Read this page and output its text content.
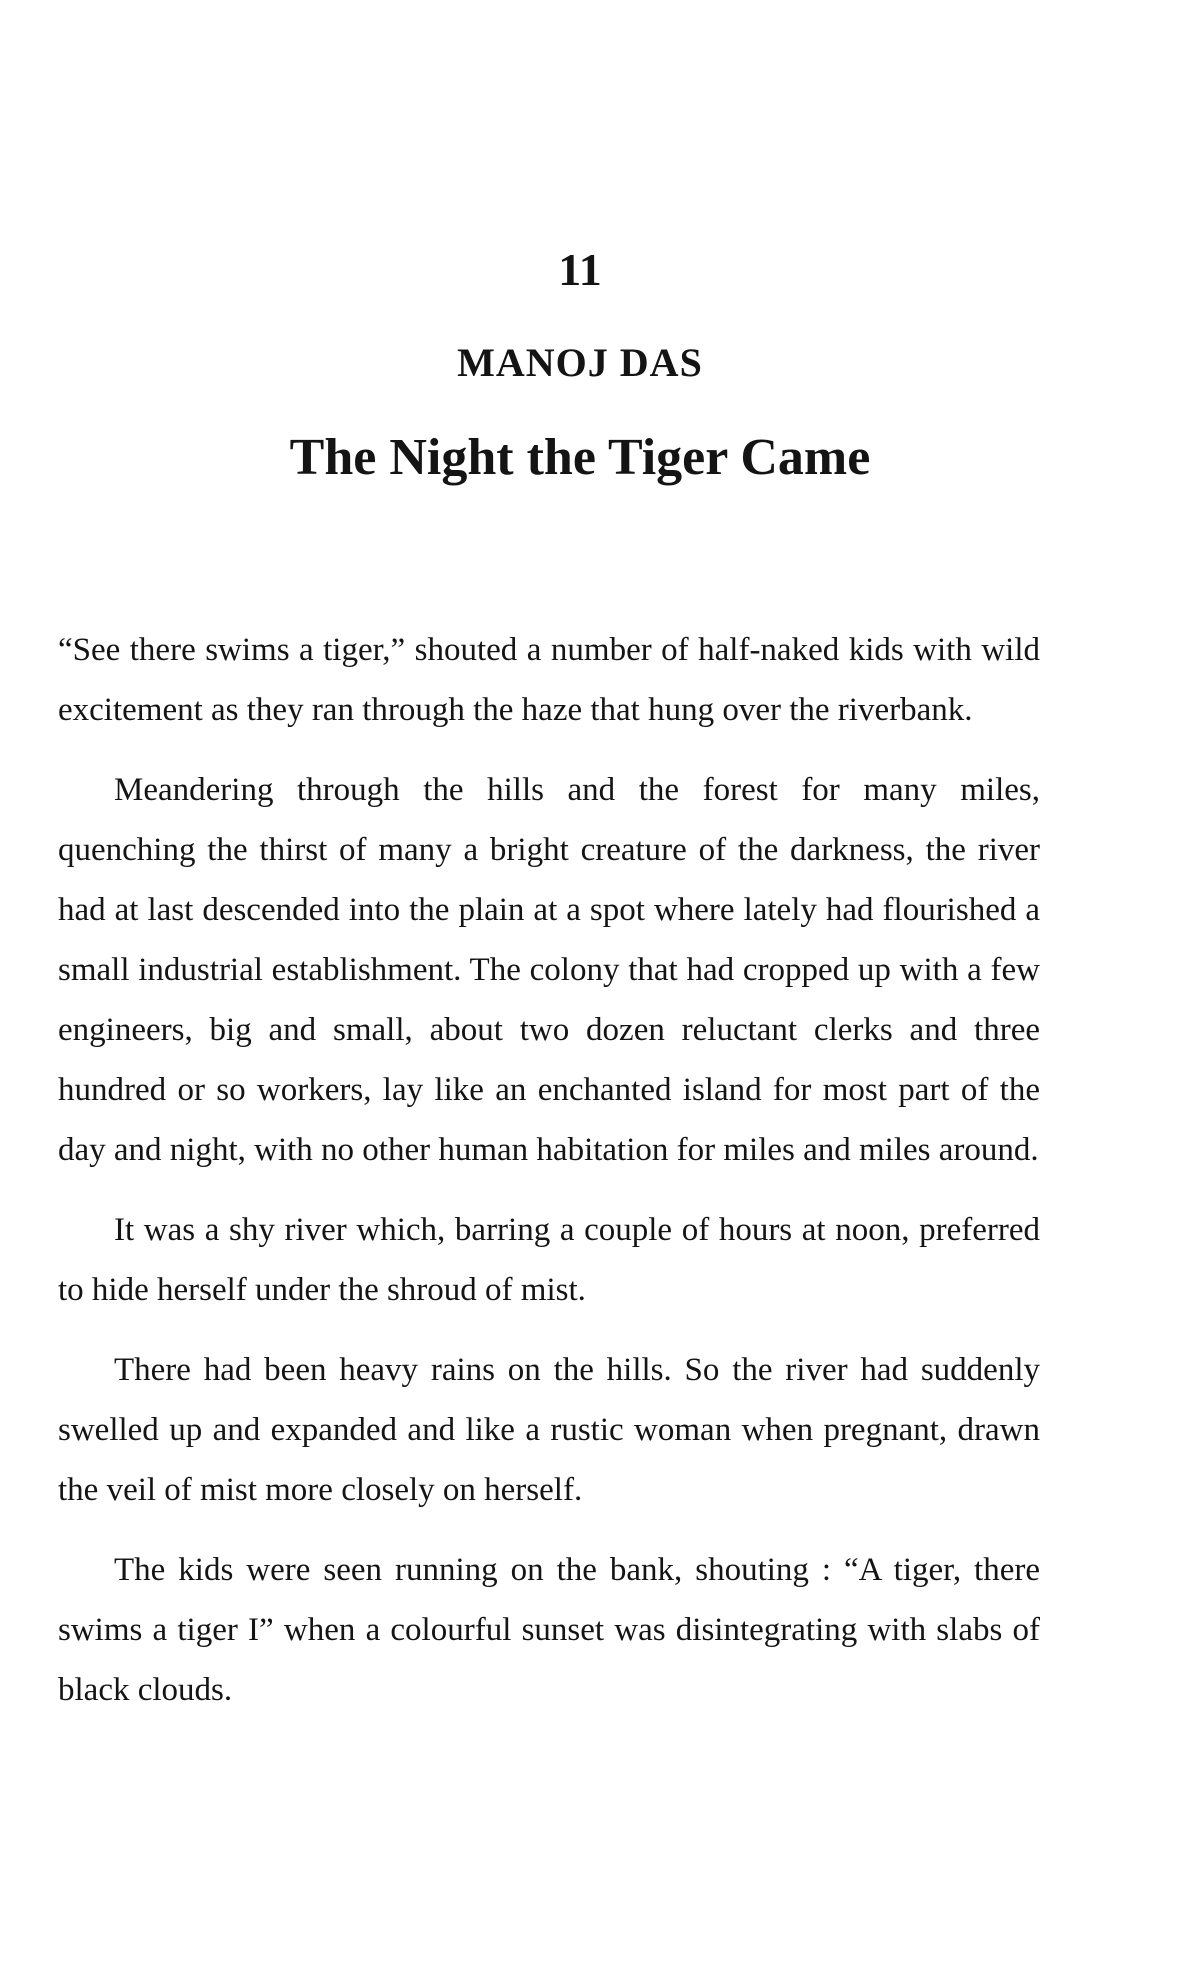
11
MANOJ DAS
The Night the Tiger Came

“See there swims a tiger,” shouted a number of half-naked kids with wild excitement as they ran through the haze that hung over the riverbank.

Meandering through the hills and the forest for many miles, quenching the thirst of many a bright creature of the darkness, the river had at last descended into the plain at a spot where lately had flourished a small industrial establishment. The colony that had cropped up with a few engineers, big and small, about two dozen reluctant clerks and three hundred or so workers, lay like an enchanted island for most part of the day and night, with no other human habitation for miles and miles around.

It was a shy river which, barring a couple of hours at noon, preferred to hide herself under the shroud of mist.

There had been heavy rains on the hills. So the river had suddenly swelled up and expanded and like a rustic woman when pregnant, drawn the veil of mist more closely on herself.

The kids were seen running on the bank, shouting : “A tiger, there swims a tiger I” when a colourful sunset was disintegrating with slabs of black clouds.
